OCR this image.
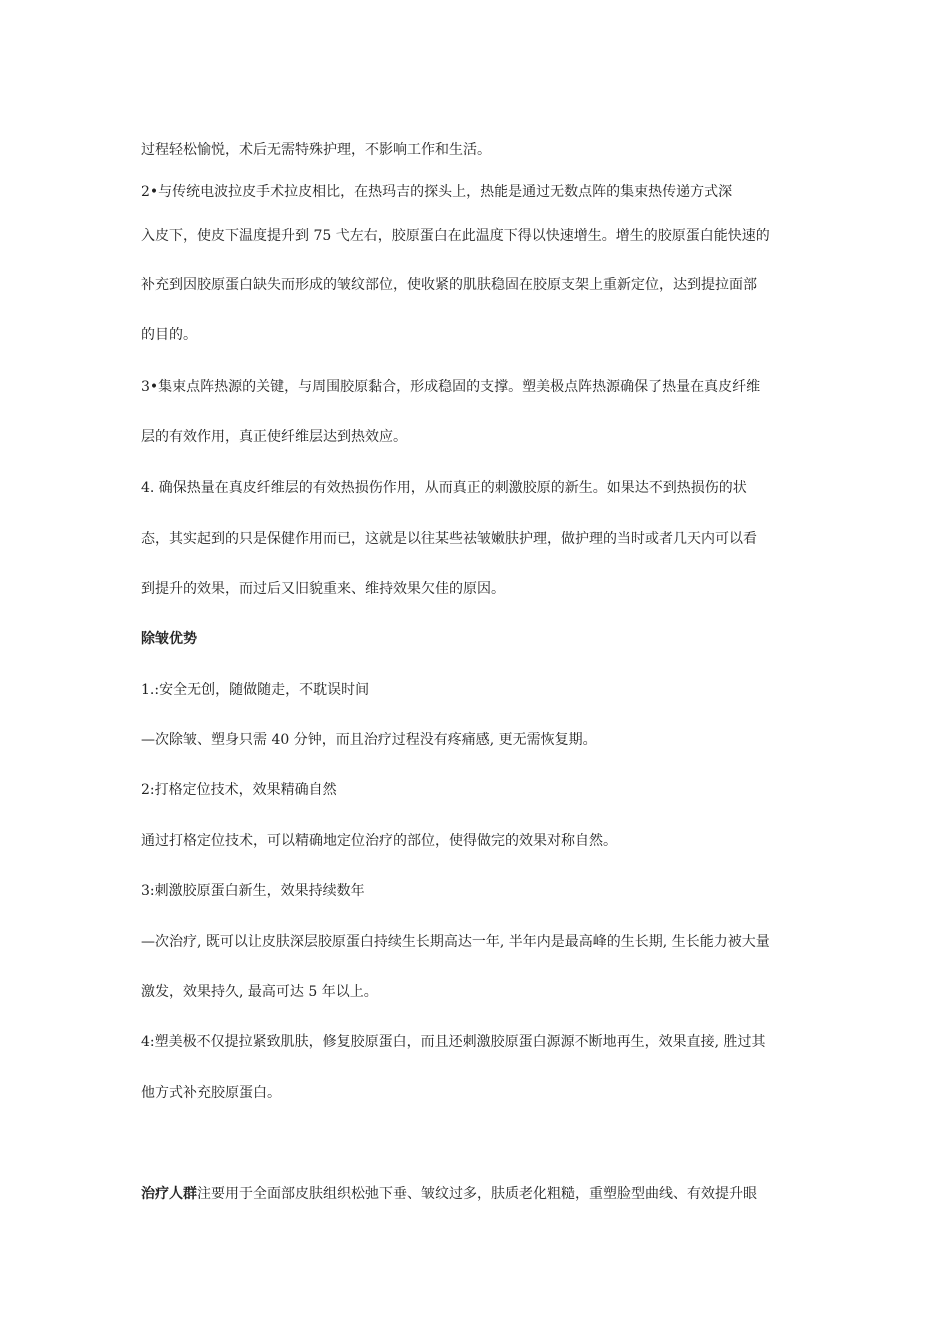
过程轻松愉悦，术后无需特殊护理，不影响工作和生活。

2•与传统电波拉皮手术拉皮相比，在热玛吉的探头上，热能是通过无数点阵的集束热传递方式深

入皮下，使皮下温度提升到 75 弋左右，胶原蛋白在此温度下得以快速增生。增生的胶原蛋白能快速的

补充到因胶原蛋白缺失而形成的皱纹部位，使收紧的肌肤稳固在胶原支架上重新定位，达到提拉面部

的目的。

3•集束点阵热源的关键，与周围胶原黏合，形成稳固的支撑。塑美极点阵热源确保了热量在真皮纤维

层的有效作用，真正使纤维层达到热效应。

4. 确保热量在真皮纤维层的有效热损伤作用，从而真正的刺激胶原的新生。如果达不到热损伤的状

态，其实起到的只是保健作用而已，这就是以往某些祛皱嫩肤护理，做护理的当时或者几天内可以看

到提升的效果，而过后又旧貌重来、维持效果欠佳的原因。

除皱优势

1.:安全无创，随做随走，不耽误时间

—次除皱、塑身只需 40 分钟，而且治疗过程没有疼痛感, 更无需恢复期。

2:打格定位技术，效果精确自然

通过打格定位技术，可以精确地定位治疗的部位，使得做完的效果对称自然。

3:刺激胶原蛋白新生，效果持续数年

—次治疗, 既可以让皮肤深层胶原蛋白持续生长期高达一年, 半年内是最高峰的生长期, 生长能力被大量

激发，效果持久, 最高可达 5 年以上。

4:塑美极不仅提拉紧致肌肤，修复胶原蛋白，而且还刺激胶原蛋白源源不断地再生，效果直接, 胜过其

他方式补充胶原蛋白。

治疗人群注要用于全面部皮肤组织松弛下垂、皱纹过多，肤质老化粗糙，重塑脸型曲线、有效提升眼
